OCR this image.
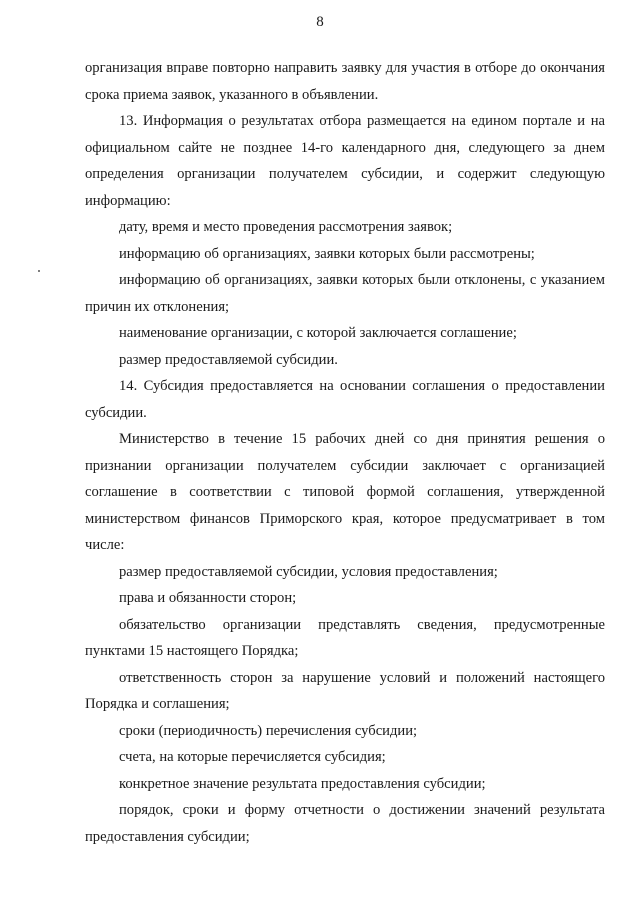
8

организация вправе повторно направить заявку для участия в отборе до окончания срока приема заявок, указанного в объявлении.

13. Информация о результатах отбора размещается на едином портале и на официальном сайте не позднее 14-го календарного дня, следующего за днем определения организации получателем субсидии, и содержит следующую информацию:

дату, время и место проведения рассмотрения заявок;

информацию об организациях, заявки которых были рассмотрены;

информацию об организациях, заявки которых были отклонены, с указанием причин их отклонения;

наименование организации, с которой заключается соглашение;

размер предоставляемой субсидии.

14. Субсидия предоставляется на основании соглашения о предоставлении субсидии.

Министерство в течение 15 рабочих дней со дня принятия решения о признании организации получателем субсидии заключает с организацией соглашение в соответствии с типовой формой соглашения, утвержденной министерством финансов Приморского края, которое предусматривает в том числе:

размер предоставляемой субсидии, условия предоставления;

права и обязанности сторон;

обязательство организации представлять сведения, предусмотренные пунктами 15 настоящего Порядка;

ответственность сторон за нарушение условий и положений настоящего Порядка и соглашения;

сроки (периодичность) перечисления субсидии;

счета, на которые перечисляется субсидия;

конкретное значение результата предоставления субсидии;

порядок, сроки и форму отчетности о достижении значений результата предоставления субсидии;
